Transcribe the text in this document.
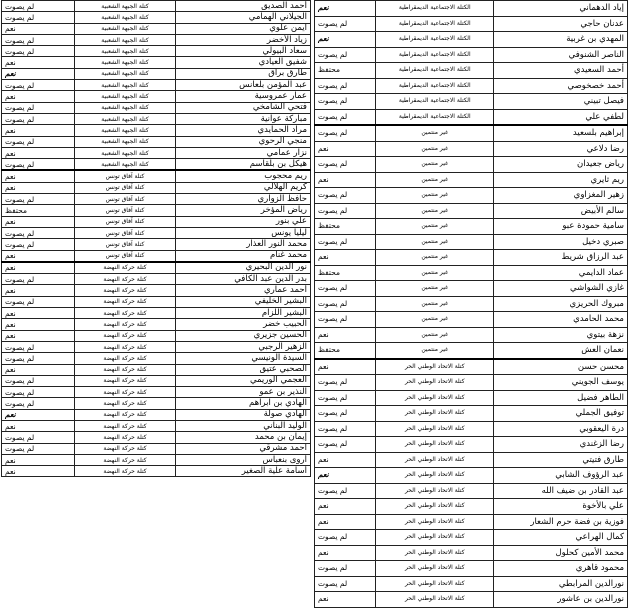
أحمد الصديق	كتلة الجبهة الشعبية	لم يصوت
الجيلاني الهمامي	كتلة الجبهة الشعبية	لم يصوت
أيمن علوي	كتلة الجبهة الشعبية	نعم
زياد الأخضر	كتلة الجبهة الشعبية	لم يصوت
سعاد البيولي	كتلة الجبهة الشعبية	لم يصوت
شفيق العيادي	كتلة الجبهة الشعبية	نعم
طارق براق	كتلة الجبهة الشعبية	نعم
عبد المؤمن بلعانس	كتلة الجبهة الشعبية	لم يصوت
عمار عمروسية	كتلة الجبهة الشعبية	نعم
فتحي الشامخي	كتلة الجبهة الشعبية	لم يصوت
مباركة عوانية	كتلة الجبهة الشعبية	لم يصوت
مراد الحمايدي	كتلة الجبهة الشعبية	نعم
منجي الرحوي	كتلة الجبهة الشعبية	لم يصوت
نزار عمامي	كتلة الجبهة الشعبية	نعم
هيكل بن بلقاسم	كتلة الجبهة الشعبية	لم يصوت
ريم محجوب	كتلة آفاق تونس	نعم
كريم الهلالي	كتلة آفاق تونس	نعم
حافظ الزواري	كتلة آفاق تونس	لم يصوت
رياض المؤخر	كتلة آفاق تونس	محتفظ
علي بنور	كتلة آفاق تونس	نعم
ليليا يونس	كتلة آفاق تونس	لم يصوت
محمد النور العذار	كتلة آفاق تونس	لم يصوت
محمد غنام	كتلة آفاق تونس	نعم
نور الدين البحيري	كتلة حركة النهضة	نعم
بدر الدين عبد الكافي	كتلة حركة النهضة	لم يصوت
أحمد عماري	كتلة حركة النهضة	نعم
البشير الخليفي	كتلة حركة النهضة	لم يصوت
البشير اللزام	كتلة حركة النهضة	نعم
الحبيب خضر	كتلة حركة النهضة	نعم
الحسين جزيري	كتلة حركة النهضة	نعم
الزهير الرجبي	كتلة حركة النهضة	لم يصوت
السيدة الونيسي	كتلة حركة النهضة	لم يصوت
الصحبي عتيق	كتلة حركة النهضة	نعم
العجمي الوريمي	كتلة حركة النهضة	لم يصوت
النذير بن عمو	كتلة حركة النهضة	لم يصوت
الهادي بن ابراهم	كتلة حركة النهضة	لم يصوت
الهادي صولة	كتلة حركة النهضة	نعم
الوليد البناني	كتلة حركة النهضة	نعم
إيمان بن محمد	كتلة حركة النهضة	لم يصوت
أحمد مشرقي	كتلة حركة النهضة	لم يصوت
أروى بنعباس	كتلة حركة النهضة	نعم
أسامة علية الصغير	كتلة حركة النهضة	نعم
إياد الدهماني	الكتلة الاجتماعية الديمقراطية	نعم
عدنان حاجي	الكتلة الاجتماعية الديمقراطية	لم يصوت
المهدي بن غربية	الكتلة الاجتماعية الديمقراطية	نعم
الناصر الشنوفي	الكتلة الاجتماعية الديمقراطية	لم يصوت
أحمد السعيدي	الكتلة الاجتماعية الديمقراطية	محتفظ
أحمد خصخوصي	الكتلة الاجتماعية الديمقراطية	لم يصوت
فيصل تبيني	الكتلة الاجتماعية الديمقراطية	لم يصوت
لطفي علي	الكتلة الاجتماعية الديمقراطية	لم يصوت
إبراهيم بلسعيد	غير منتمين	لم يصوت
رضا دلاعي	غير منتمين	نعم
رياض جعيدان	غير منتمين	لم يصوت
ريم ثايري	غير منتمين	نعم
زهير المغزاوي	غير منتمين	لم يصوت
سالم الأبيض	غير منتمين	لم يصوت
سامية حمودة عبو	غير منتمين	محتفظ
صبري دخيل	غير منتمين	لم يصوت
عبد الرزاق شريط	غير منتمين	نعم
عماد الدايمي	غير منتمين	محتفظ
غازي الشواشي	غير منتمين	لم يصوت
مبروك الحريزي	غير منتمين	لم يصوت
محمد الحامدي	غير منتمين	لم يصوت
نزهة بيتوي	غير منتمين	نعم
نعمان العش	غير منتمين	محتفظ
محسن حسن	كتلة الاتحاد الوطني الحر	نعم
يوسف الجويني	كتلة الاتحاد الوطني الحر	لم يصوت
الطاهر فضيل	كتلة الاتحاد الوطني الحر	لم يصوت
توفيق الجملي	كتلة الاتحاد الوطني الحر	لم يصوت
درة اليعقوبي	كتلة الاتحاد الوطني الحر	لم يصوت
رضا الزغندي	كتلة الاتحاد الوطني الحر	لم يصوت
طارق فتيتي	كتلة الاتحاد الوطني الحر	نعم
عبد الرؤوف الشابي	كتلة الاتحاد الوطني الحر	نعم
عبد القادر بن ضيف الله	كتلة الاتحاد الوطني الحر	لم يصوت
علي بالأخوة	كتلة الاتحاد الوطني الحر	نعم
فوزية بن فضة حرم الشعار	كتلة الاتحاد الوطني الحر	نعم
كمال الهراعي	كتلة الاتحاد الوطني الحر	لم يصوت
محمد الأمين كحلول	كتلة الاتحاد الوطني الحر	نعم
محمود قاهري	كتلة الاتحاد الوطني الحر	لم يصوت
نورالدين المرابطي	كتلة الاتحاد الوطني الحر	لم يصوت
نورالدين بن عاشور	كتلة الاتحاد الوطني الحر	نعم
